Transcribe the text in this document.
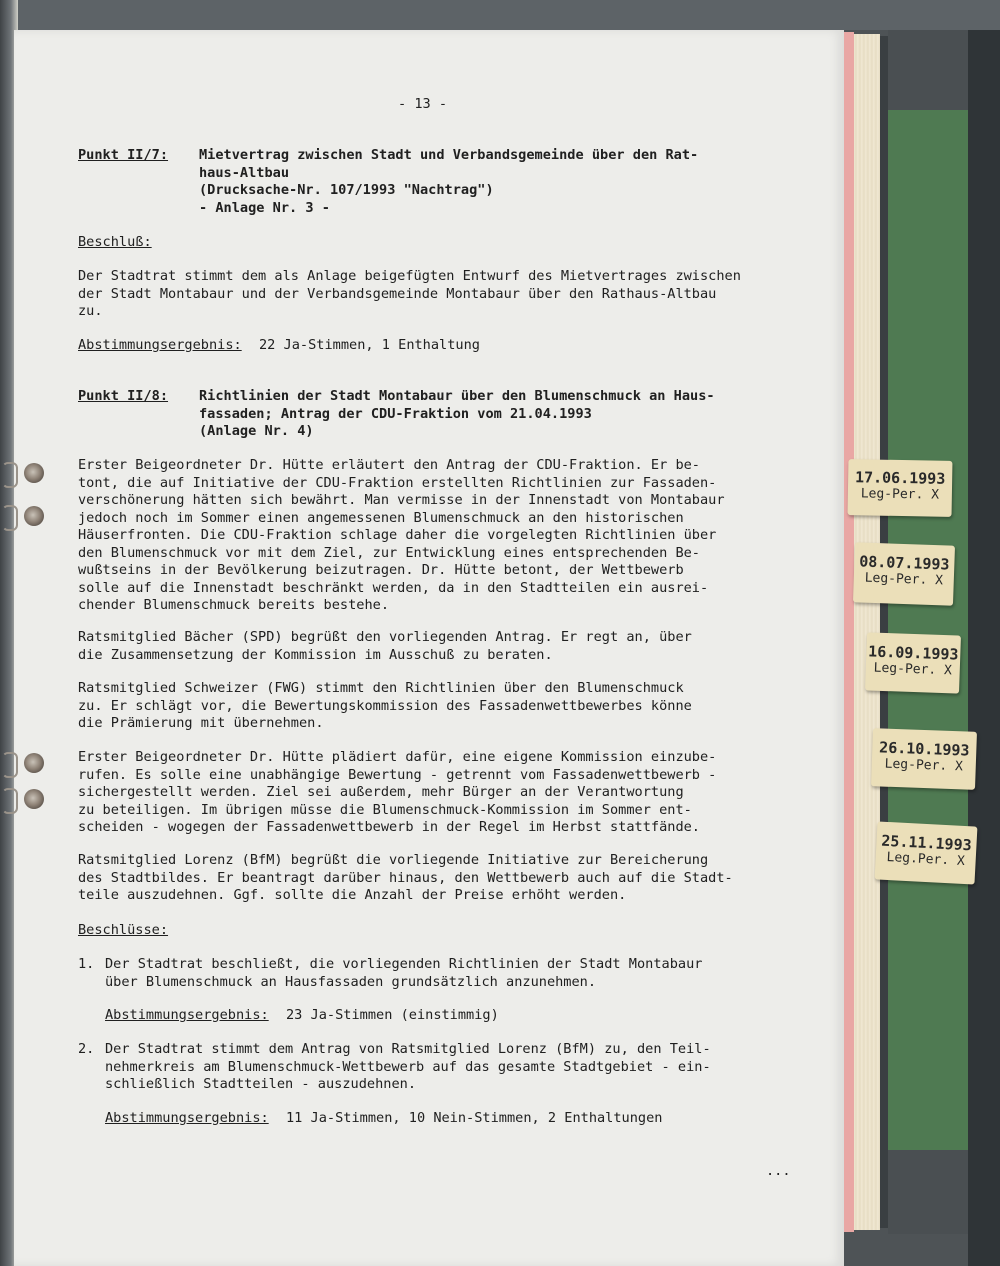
17.06.1993
Leg-Per. X
08.07.1993
Leg-Per. X
16.09.1993
Leg-Per. X
26.10.1993
Leg-Per. X
25.11.1993
Leg.Per. X
- 13 -
Punkt II/7: Mietvertrag zwischen Stadt und Verbandsgemeinde über den Rat-
haus-Altbau
(Drucksache-Nr. 107/1993 "Nachtrag")
- Anlage Nr. 3 -
Beschluß:
Der Stadtrat stimmt dem als Anlage beigefügten Entwurf des Mietvertrages zwischen
der Stadt Montabaur und der Verbandsgemeinde Montabaur über den Rathaus-Altbau
zu.
Abstimmungsergebnis: 22 Ja-Stimmen, 1 Enthaltung
Punkt II/8: Richtlinien der Stadt Montabaur über den Blumenschmuck an Haus-
fassaden; Antrag der CDU-Fraktion vom 21.04.1993
(Anlage Nr. 4)
Erster Beigeordneter Dr. Hütte erläutert den Antrag der CDU-Fraktion. Er be-
tont, die auf Initiative der CDU-Fraktion erstellten Richtlinien zur Fassaden-
verschönerung hätten sich bewährt. Man vermisse in der Innenstadt von Montabaur
jedoch noch im Sommer einen angemessenen Blumenschmuck an den historischen
Häuserfronten. Die CDU-Fraktion schlage daher die vorgelegten Richtlinien über
den Blumenschmuck vor mit dem Ziel, zur Entwicklung eines entsprechenden Be-
wußtseins in der Bevölkerung beizutragen. Dr. Hütte betont, der Wettbewerb
solle auf die Innenstadt beschränkt werden, da in den Stadtteilen ein ausrei-
chender Blumenschmuck bereits bestehe.
Ratsmitglied Bächer (SPD) begrüßt den vorliegenden Antrag. Er regt an, über
die Zusammensetzung der Kommission im Ausschuß zu beraten.
Ratsmitglied Schweizer (FWG) stimmt den Richtlinien über den Blumenschmuck
zu. Er schlägt vor, die Bewertungskommission des Fassadenwettbewerbes könne
die Prämierung mit übernehmen.
Erster Beigeordneter Dr. Hütte plädiert dafür, eine eigene Kommission einzube-
rufen. Es solle eine unabhängige Bewertung - getrennt vom Fassadenwettbewerb -
sichergestellt werden. Ziel sei außerdem, mehr Bürger an der Verantwortung
zu beteiligen. Im übrigen müsse die Blumenschmuck-Kommission im Sommer ent-
scheiden - wogegen der Fassadenwettbewerb in der Regel im Herbst stattfände.
Ratsmitglied Lorenz (BfM) begrüßt die vorliegende Initiative zur Bereicherung
des Stadtbildes. Er beantragt darüber hinaus, den Wettbewerb auch auf die Stadt-
teile auszudehnen. Ggf. sollte die Anzahl der Preise erhöht werden.
Beschlüsse:
1. Der Stadtrat beschließt, die vorliegenden Richtlinien der Stadt Montabaur
über Blumenschmuck an Hausfassaden grundsätzlich anzunehmen.
Abstimmungsergebnis: 23 Ja-Stimmen (einstimmig)
2. Der Stadtrat stimmt dem Antrag von Ratsmitglied Lorenz (BfM) zu, den Teil-
nehmerkreis am Blumenschmuck-Wettbewerb auf das gesamte Stadtgebiet - ein-
schließlich Stadtteilen - auszudehnen.
Abstimmungsergebnis: 11 Ja-Stimmen, 10 Nein-Stimmen, 2 Enthaltungen
...
